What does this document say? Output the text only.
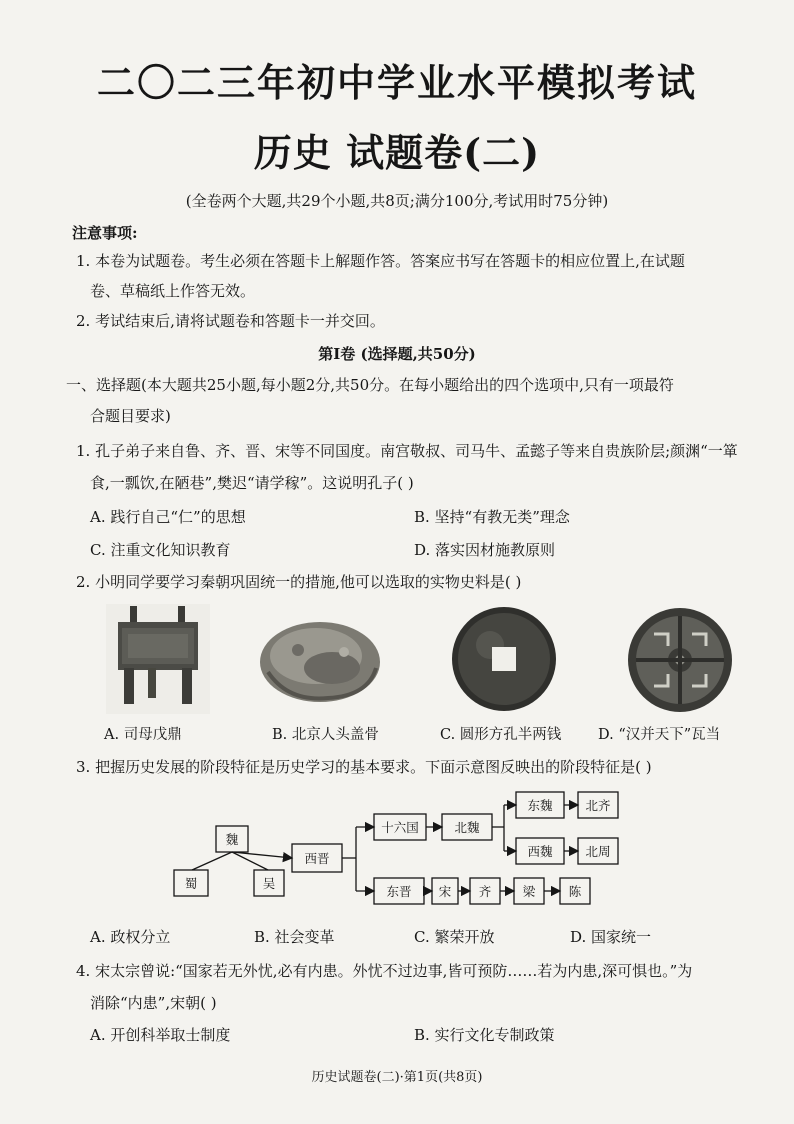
二〇二三年初中学业水平模拟考试
历史 试题卷(二)
(全卷两个大题,共29个小题,共8页;满分100分,考试用时75分钟)
注意事项:
1. 本卷为试题卷。考生必须在答题卡上解题作答。答案应书写在答题卡的相应位置上,在试题
卷、草稿纸上作答无效。
2. 考试结束后,请将试题卷和答题卡一并交回。
第Ⅰ卷 (选择题,共50分)
一、选择题(本大题共25小题,每小题2分,共50分。在每小题给出的四个选项中,只有一项最符
合题目要求)
1. 孔子弟子来自鲁、齐、晋、宋等不同国度。南宫敬叔、司马牛、孟懿子等来自贵族阶层;颜渊“一箪
食,一瓢饮,在陋巷”,樊迟“请学稼”。这说明孔子( )
A. 践行自己“仁”的思想	B. 坚持“有教无类”理念
C. 注重文化知识教育	D. 落实因材施教原则
2. 小明同学要学习秦朝巩固统一的措施,他可以选取的实物史料是( )
A. 司母戊鼎	B. 北京人头盖骨	C. 圆形方孔半两钱	D. “汉并天下”瓦当
3. 把握历史发展的阶段特征是历史学习的基本要求。下面示意图反映出的阶段特征是( )
魏
蜀	吴
西晋
十六国	北魏
东魏	北齐
西魏	北周
东晋 宋 齐	梁	陈
A. 政权分立	B. 社会变革	C. 繁荣开放	D. 国家统一
4. 宋太宗曾说:“国家若无外忧,必有内患。外忧不过边事,皆可预防……若为内患,深可惧也。”为
消除“内患”,宋朝( )
A. 开创科举取士制度	B. 实行文化专制政策
历史试题卷(二)·第1页(共8页)
